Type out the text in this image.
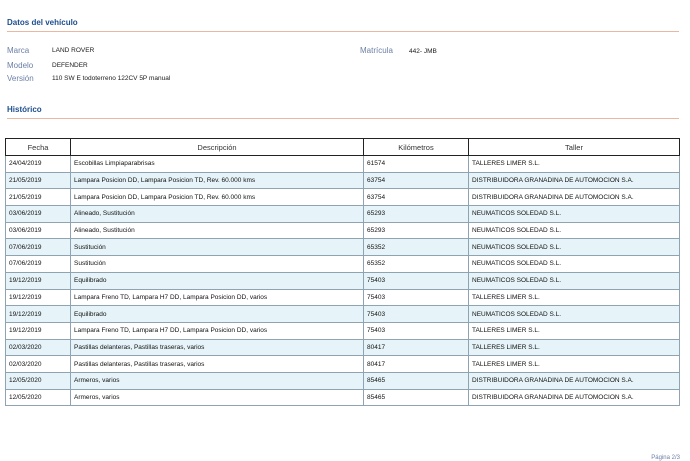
Datos del vehículo
Marca	LAND ROVER
Modelo	DEFENDER
Versión	110 SW E todoterreno 122CV 5P manual
Matrícula 442- JMB
Histórico
Fecha	Descripción	Kilómetros	Taller
24/04/2019	Escobillas Limpiaparabrisas	61574	TALLERES LIMER S.L.
21/05/2019	Lampara Posicion DD, Lampara Posicion TD, Rev. 60.000 kms	63754	DISTRIBUIDORA GRANADINA DE AUTOMOCION S.A.
21/05/2019	Lampara Posicion DD, Lampara Posicion TD, Rev. 60.000 kms	63754	DISTRIBUIDORA GRANADINA DE AUTOMOCION S.A.
03/06/2019	Alineado, Sustitución	65293	NEUMATICOS SOLEDAD S.L.
03/06/2019	Alineado, Sustitución	65293	NEUMATICOS SOLEDAD S.L.
07/06/2019	Sustitución	65352	NEUMATICOS SOLEDAD S.L.
07/06/2019	Sustitución	65352	NEUMATICOS SOLEDAD S.L.
19/12/2019	Equilibrado	75403	NEUMATICOS SOLEDAD S.L.
19/12/2019	Lampara Freno TD, Lampara H7 DD, Lampara Posicion DD, varios	75403	TALLERES LIMER S.L.
19/12/2019	Equilibrado	75403	NEUMATICOS SOLEDAD S.L.
19/12/2019	Lampara Freno TD, Lampara H7 DD, Lampara Posicion DD, varios	75403	TALLERES LIMER S.L.
02/03/2020	Pastillas delanteras, Pastillas traseras, varios	80417	TALLERES LIMER S.L.
02/03/2020	Pastillas delanteras, Pastillas traseras, varios	80417	TALLERES LIMER S.L.
12/05/2020	Armeros, varios	85465	DISTRIBUIDORA GRANADINA DE AUTOMOCION S.A.
12/05/2020	Armeros, varios	85465	DISTRIBUIDORA GRANADINA DE AUTOMOCION S.A.
Página 2/3
